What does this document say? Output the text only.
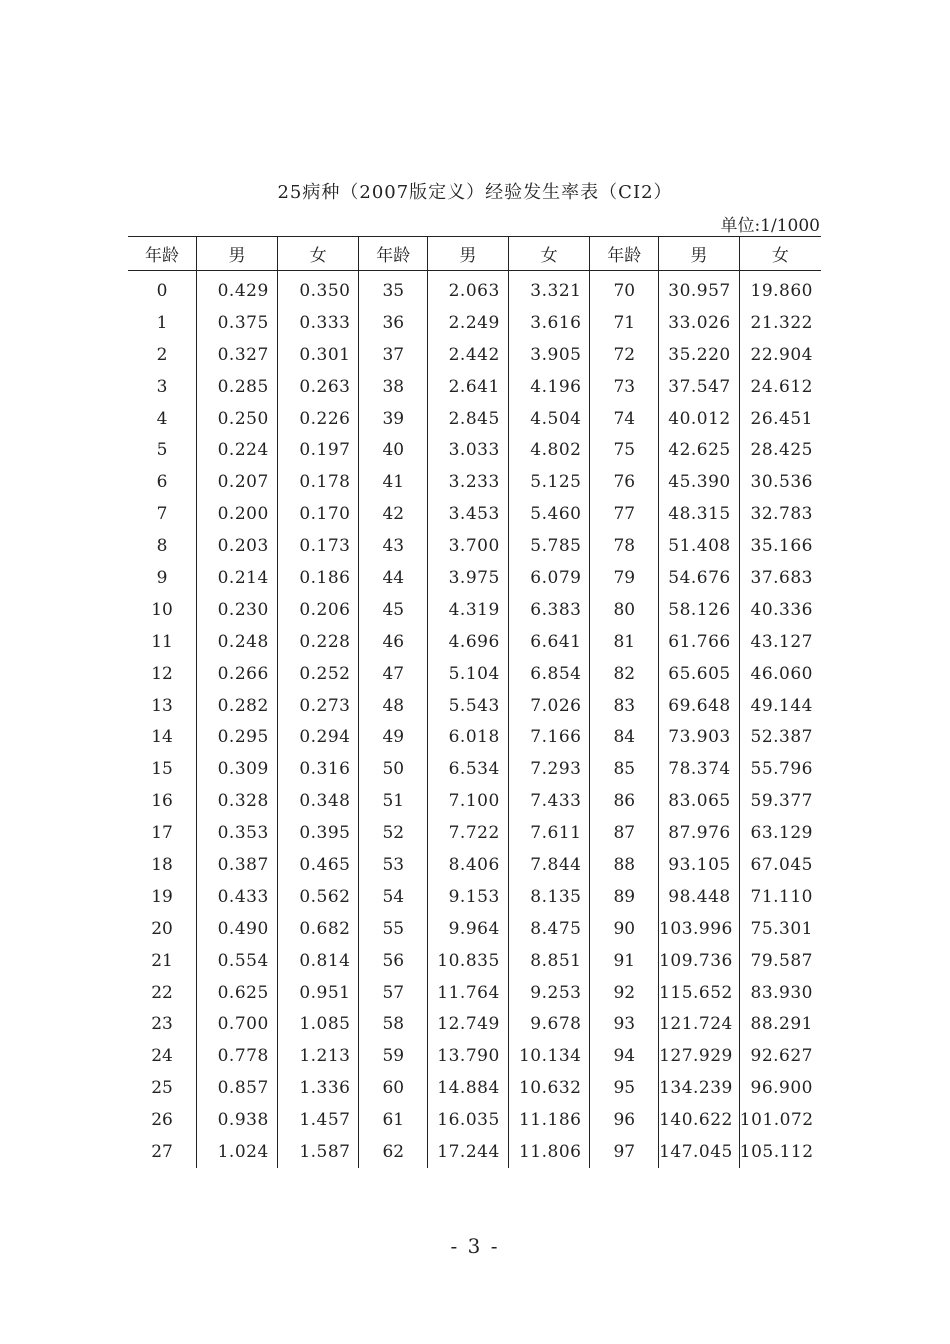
25病种（2007版定义）经验发生率表（CI2）
单位:1/1000
年龄	男	女	年龄	男	女	年龄	男	女
0	0.429	0.350	35	2.063	3.321	70	30.957	19.860
1	0.375	0.333	36	2.249	3.616	71	33.026	21.322
2	0.327	0.301	37	2.442	3.905	72	35.220	22.904
3	0.285	0.263	38	2.641	4.196	73	37.547	24.612
4	0.250	0.226	39	2.845	4.504	74	40.012	26.451
5	0.224	0.197	40	3.033	4.802	75	42.625	28.425
6	0.207	0.178	41	3.233	5.125	76	45.390	30.536
7	0.200	0.170	42	3.453	5.460	77	48.315	32.783
8	0.203	0.173	43	3.700	5.785	78	51.408	35.166
9	0.214	0.186	44	3.975	6.079	79	54.676	37.683
10	0.230	0.206	45	4.319	6.383	80	58.126	40.336
11	0.248	0.228	46	4.696	6.641	81	61.766	43.127
12	0.266	0.252	47	5.104	6.854	82	65.605	46.060
13	0.282	0.273	48	5.543	7.026	83	69.648	49.144
14	0.295	0.294	49	6.018	7.166	84	73.903	52.387
15	0.309	0.316	50	6.534	7.293	85	78.374	55.796
16	0.328	0.348	51	7.100	7.433	86	83.065	59.377
17	0.353	0.395	52	7.722	7.611	87	87.976	63.129
18	0.387	0.465	53	8.406	7.844	88	93.105	67.045
19	0.433	0.562	54	9.153	8.135	89	98.448	71.110
20	0.490	0.682	55	9.964	8.475	90	103.996	75.301
21	0.554	0.814	56	10.835	8.851	91	109.736	79.587
22	0.625	0.951	57	11.764	9.253	92	115.652	83.930
23	0.700	1.085	58	12.749	9.678	93	121.724	88.291
24	0.778	1.213	59	13.790	10.134	94	127.929	92.627
25	0.857	1.336	60	14.884	10.632	95	134.239	96.900
26	0.938	1.457	61	16.035	11.186	96	140.622	101.072
27	1.024	1.587	62	17.244	11.806	97	147.045	105.112
- 3 -
